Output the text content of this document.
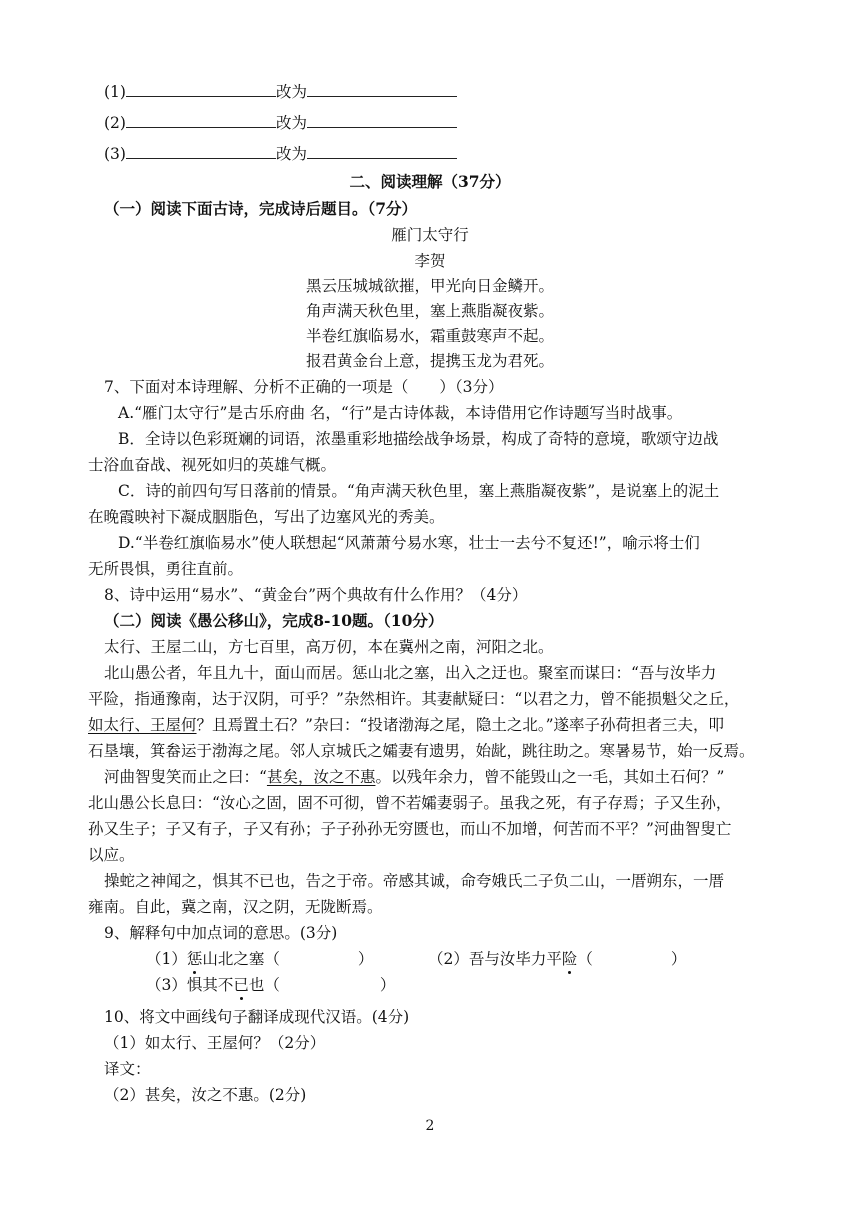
(1)	改为
(2)	改为
(3)	改为
二、阅读理解（37分）
（一）阅读下面古诗，完成诗后题目。（7分）
雁门太守行
李贺
黑云压城城欲摧，甲光向日金鳞开。
角声满天秋色里，塞上燕脂凝夜紫。
半卷红旗临易水，霜重鼓寒声不起。
报君黄金台上意，提携玉龙为君死。
7、下面对本诗理解、分析不正确的一项是（　　）（3分）
A.“雁门太守行”是古乐府曲 名，“行”是古诗体裁，本诗借用它作诗题写当时战事。
B．全诗以色彩斑斓的词语，浓墨重彩地描绘战争场景，构成了奇特的意境，歌颂守边战
士浴血奋战、视死如归的英雄气概。
C．诗的前四句写日落前的情景。“角声满天秋色里，塞上燕脂凝夜紫”，是说塞上的泥土
在晚霞映衬下凝成胭脂色，写出了边塞风光的秀美。
D.“半卷红旗临易水”使人联想起“风萧萧兮易水寒，壮士一去兮不复还!”，喻示将士们
无所畏惧，勇往直前。
8、诗中运用“易水”、“黄金台”两个典故有什么作用？（4分）
（二）阅读《愚公移山》，完成8-10题。（10分）
太行、王屋二山，方七百里，高万仞，本在冀州之南，河阳之北。
北山愚公者，年且九十，面山而居。惩山北之塞，出入之迂也。聚室而谋曰：“吾与汝毕力
平险，指通豫南，达于汉阴，可乎？”杂然相许。其妻献疑曰：“以君之力，曾不能损魁父之丘，
如太行、王屋何？且焉置土石？”杂曰：“投诸渤海之尾，隐土之北。”遂率子孙荷担者三夫，叩
石垦壤，箕畚运于渤海之尾。邻人京城氏之孀妻有遗男，始龀，跳往助之。寒暑易节，始一反焉。
河曲智叟笑而止之曰：“甚矣，汝之不惠。以残年余力，曾不能毁山之一毛，其如土石何？”
北山愚公长息曰：“汝心之固，固不可彻，曾不若孀妻弱子。虽我之死，有子存焉；子又生孙，
孙又生子；子又有子，子又有孙；子子孙孙无穷匮也，而山不加增，何苦而不平？”河曲智叟亡
以应。
操蛇之神闻之，惧其不已也，告之于帝。帝感其诚，命夸娥氏二子负二山，一厝朔东，一厝
雍南。自此，冀之南，汉之阴，无陇断焉。
9、解释句中加点词的意思。(3分)
（1）惩山北之塞（	）	（2）吾与汝毕力平险（	）
（3）惧其不已也（	）
10、将文中画线句子翻译成现代汉语。(4分)
（1）如太行、王屋何？（2分）
译文：
（2）甚矣，汝之不惠。(2分)
2
